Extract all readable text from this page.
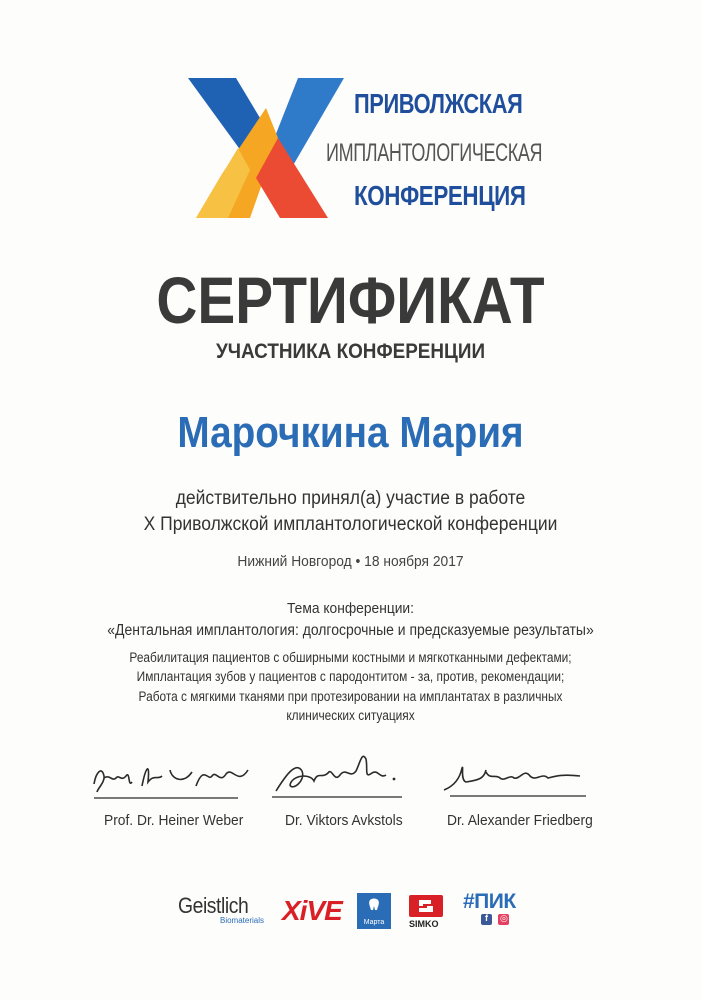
ПРИВОЛЖСКАЯ
ИМПЛАНТОЛОГИЧЕСКАЯ
КОНФЕРЕНЦИЯ
СЕРТИФИКАТ
УЧАСТНИКА КОНФЕРЕНЦИИ
Марочкина Мария
действительно принял(а) участие в работе
X Приволжской имплантологической конференции
Нижний Новгород • 18 ноября 2017
Тема конференции:
«Дентальная имплантология: долгосрочные и предсказуемые результаты»
Реабилитация пациентов с обширными костными и мягкотканными дефектами;
Имплантация зубов у пациентов с пародонтитом - за, против, рекомендации;
Работа с мягкими тканями при протезировании на имплантатах в различных
клинических ситуациях
Prof. Dr. Heiner Weber	Dr. Viktors Avkstols	Dr. Alexander Friedberg
Geistlich
Biomaterials XiVE	Марта	SIMKO
#ПИК
f
	◎
